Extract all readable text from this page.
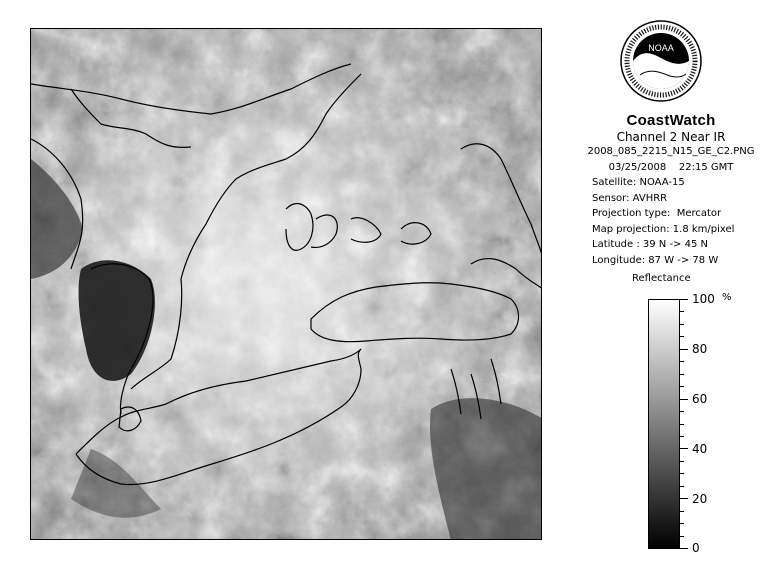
NOAA
CoastWatch
Channel 2 Near IR
2008_085_2215_N15_GE_C2.PNG
03/25/2008    22:15 GMT
Satellite: NOAA-15
Sensor: AVHRR
Projection type:  Mercator
Map projection: 1.8 km/pixel
Latitude : 39 N -> 45 N
Longitude: 87 W -> 78 W
Reflectance
%
100
80
60
40
20
0
